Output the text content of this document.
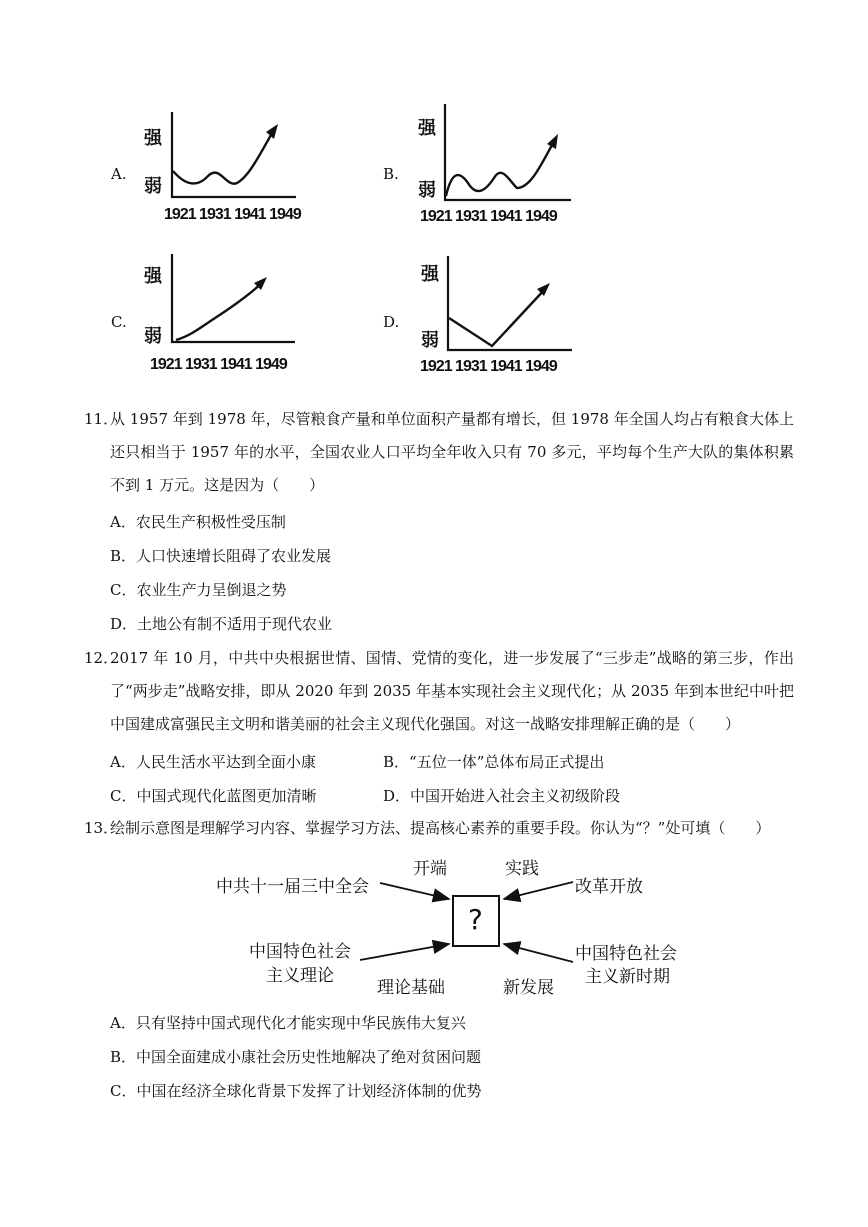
A.
强
弱
1921 1931 1941 1949
B.
强
弱
1921 1931 1941 1949
C.
强
弱
1921 1931 1941 1949
D.
强
弱
1921 1931 1941 1949
11．
从 1957 年到 1978 年，尽管粮食产量和单位面积产量都有增长，但 1978 年全国人均占有粮食大体上还只相当于 1957 年的水平，全国农业人口平均全年收入只有 70 多元，平均每个生产大队的集体积累不到 1 万元。这是因为（　　）
A．农民生产积极性受压制
B．人口快速增长阻碍了农业发展
C．农业生产力呈倒退之势
D．土地公有制不适用于现代农业
12．
2017 年 10 月，中共中央根据世情、国情、党情的变化，进一步发展了“三步走”战略的第三步，作出了“两步走”战略安排，即从 2020 年到 2035 年基本实现社会主义现代化；从 2035 年到本世纪中叶把中国建成富强民主文明和谐美丽的社会主义现代化强国。对这一战略安排理解正确的是（　　）
A．人民生活水平达到全面小康	B．“五位一体”总体布局正式提出
C．中国式现代化蓝图更加清晰	D．中国开始进入社会主义初级阶段
13．
绘制示意图是理解学习内容、掌握学习方法、提高核心素养的重要手段。你认为“？”处可填（　　）
?
中共十一届三中全会
开端
改革开放
实践
中国特色社会
主义理论
理论基础
中国特色社会
主义新时期
新发展
A．只有坚持中国式现代化才能实现中华民族伟大复兴
B．中国全面建成小康社会历史性地解决了绝对贫困问题
C．中国在经济全球化背景下发挥了计划经济体制的优势
